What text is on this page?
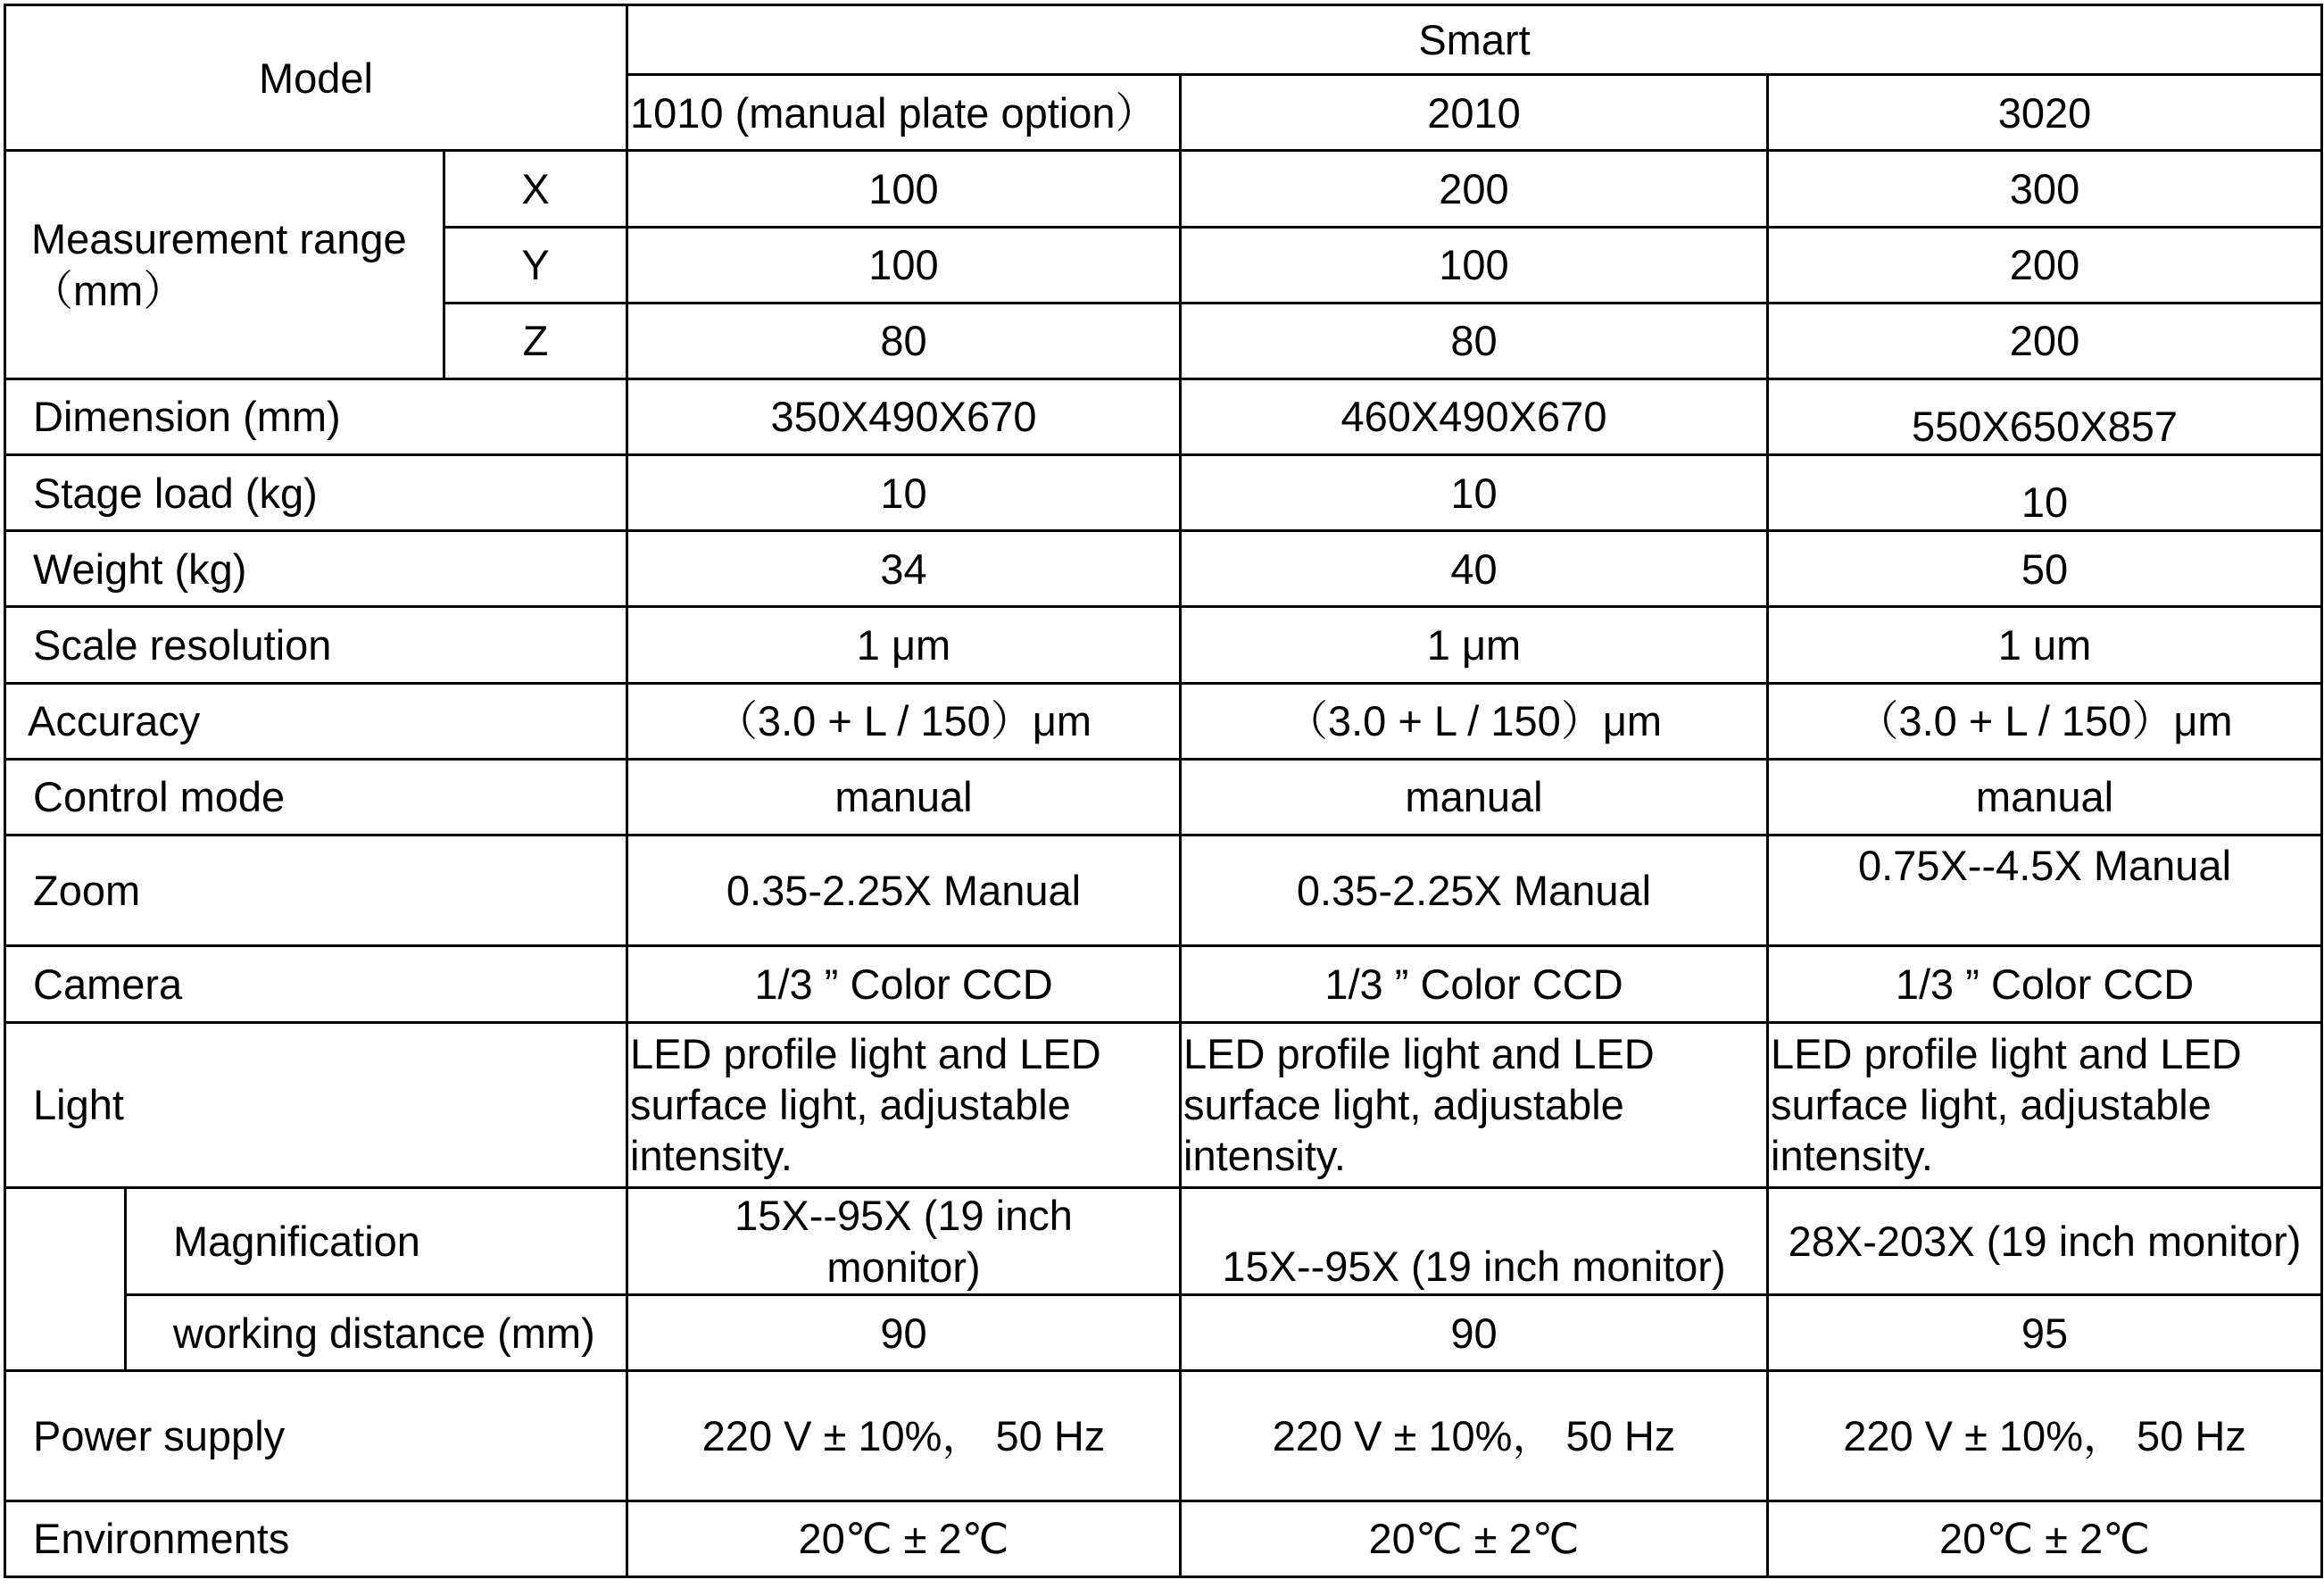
Model			Smart		
			1010 (manual plate option）	2010	3020
Measurement range
（mm）		X	100	200	300
		Y	100	100	200
		Z	80	80	200
Dimension (mm)			350X490X670	460X490X670	550X650X857
Stage load (kg)			10	10	10
Weight (kg)			34	40	50
Scale resolution			1 μm	1 μm	1 um
Accuracy			（3.0 + L / 150）μm	（3.0 + L / 150）μm	（3.0 + L / 150）μm
Control mode			manual	manual	manual
Zoom			0.35-2.25X Manual	0.35-2.25X Manual	0.75X--4.5X Manual
Camera			1/3 ” Color CCD	1/3 ” Color CCD	1/3 ” Color CCD
Light			LED profile light and LED surface light, adjustable intensity.	LED profile light and LED surface light, adjustable intensity.	LED profile light and LED surface light, adjustable intensity.
	Magnification		15X--95X (19 inch monitor)	15X--95X (19 inch monitor)	28X-203X (19 inch monitor)
	working distance (mm)		90	90	95
Power supply			220 V ± 10%， 50 Hz	220 V ± 10%， 50 Hz	220 V ± 10%， 50 Hz
Environments			20℃ ± 2℃	20℃ ± 2℃	20℃ ± 2℃
